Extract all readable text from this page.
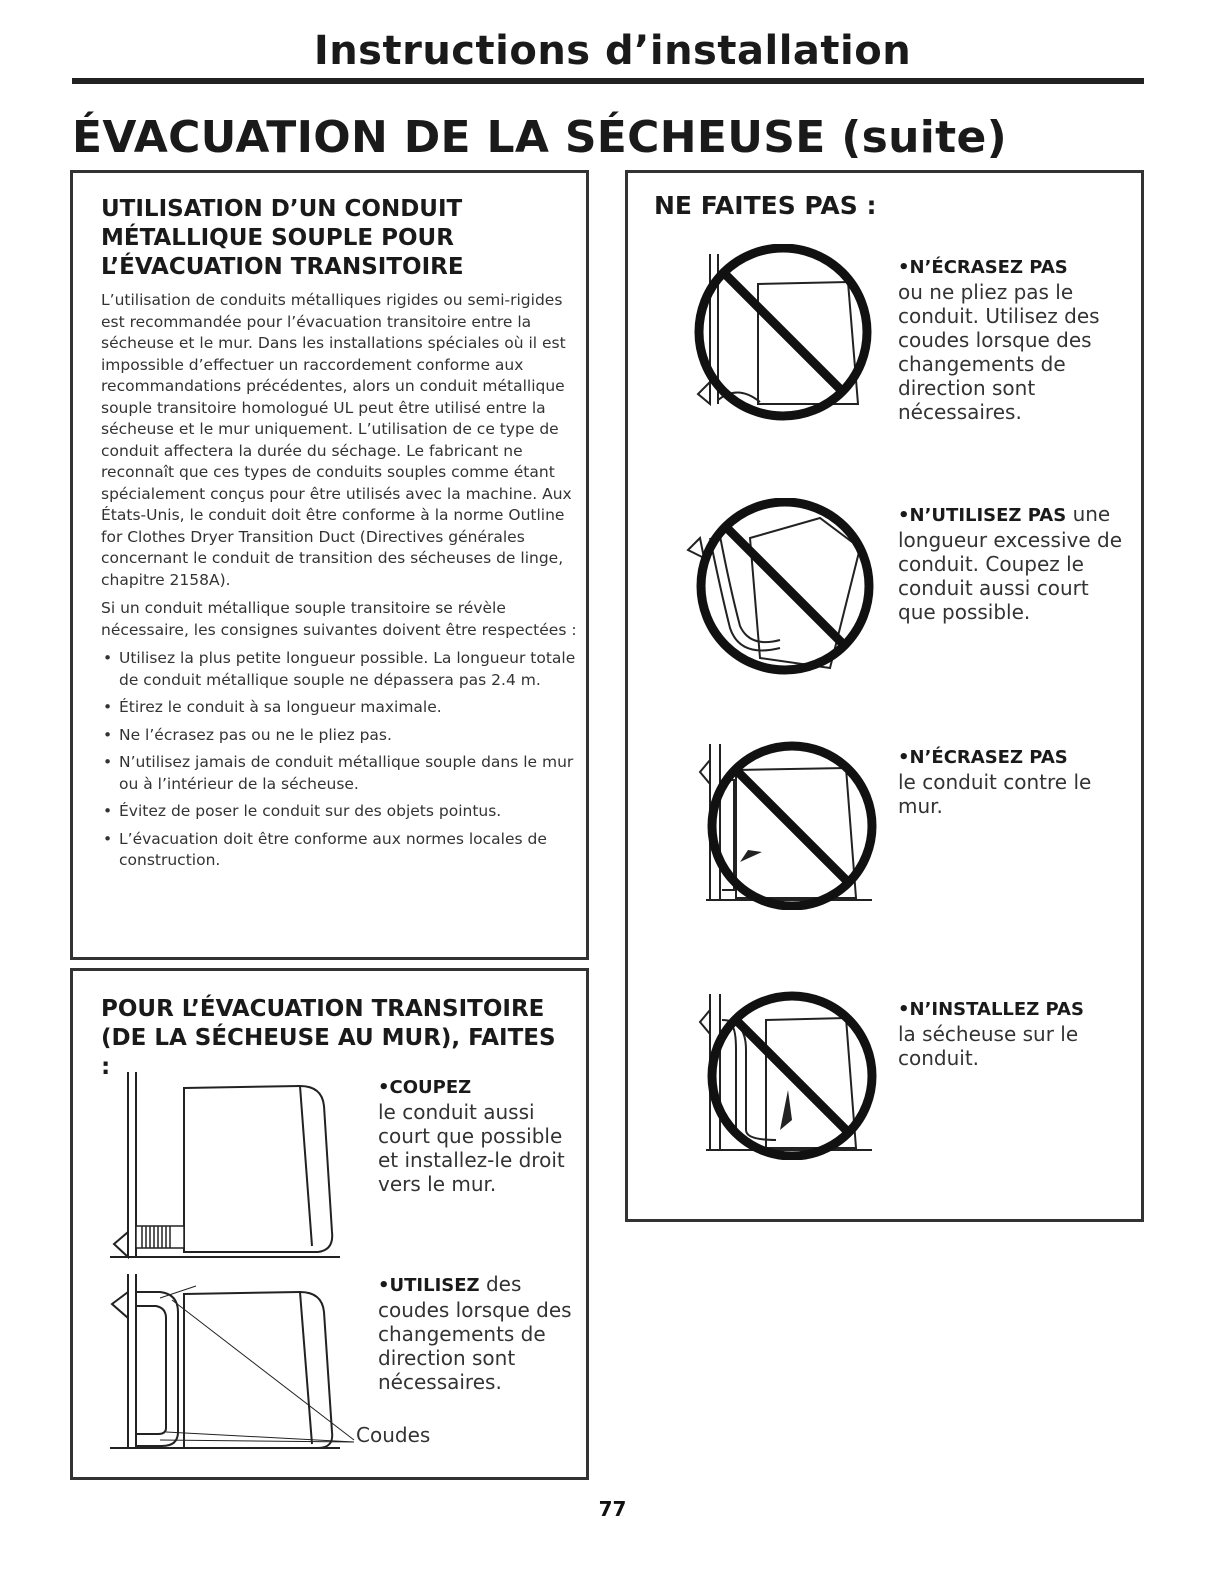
Instructions d’installation
ÉVACUATION DE LA SÉCHEUSE (suite)
UTILISATION D’UN CONDUIT MÉTALLIQUE SOUPLE POUR L’ÉVACUATION TRANSITOIRE

L’utilisation de conduits métalliques rigides ou semi-rigides est recommandée pour l’évacuation transitoire entre la sécheuse et le mur. Dans les installations spéciales où il est impossible d’effectuer un raccordement conforme aux recommandations précédentes, alors un conduit métallique souple transitoire homologué UL peut être utilisé entre la sécheuse et le mur uniquement. L’utilisation de ce type de conduit affectera la durée du séchage. Le fabricant ne reconnaît que ces types de conduits souples comme étant spécialement conçus pour être utilisés avec la machine. Aux États-Unis, le conduit doit être conforme à la norme Outline for Clothes Dryer Transition Duct (Directives générales concernant le conduit de transition des sécheuses de linge, chapitre 2158A).

Si un conduit métallique souple transitoire se révèle nécessaire, les consignes suivantes doivent être respectées :

• Utilisez la plus petite longueur possible. La longueur totale de conduit métallique souple ne dépassera pas 2.4 m.
• Étirez le conduit à sa longueur maximale.
• Ne l’écrasez pas ou ne le pliez pas.
• N’utilisez jamais de conduit métallique souple dans le mur ou à l’intérieur de la sécheuse.
• Évitez de poser le conduit sur des objets pointus.
• L’évacuation doit être conforme aux normes locales de construction.
POUR L’ÉVACUATION TRANSITOIRE (DE LA SÉCHEUSE AU MUR), FAITES :
•COUPEZ
le conduit aussi court que possible et installez-le droit vers le mur.
•UTILISEZ des coudes lorsque des changements de direction sont nécessaires.
Coudes
NE FAITES PAS :
•N’ÉCRASEZ PAS
ou ne pliez pas le conduit. Utilisez des coudes lorsque des changements de direction sont nécessaires.
•N’UTILISEZ PAS une longueur excessive de conduit. Coupez le conduit aussi court que possible.
•N’ÉCRASEZ PAS
le conduit contre le mur.
•N’INSTALLEZ PAS
la sécheuse sur le conduit.
77
